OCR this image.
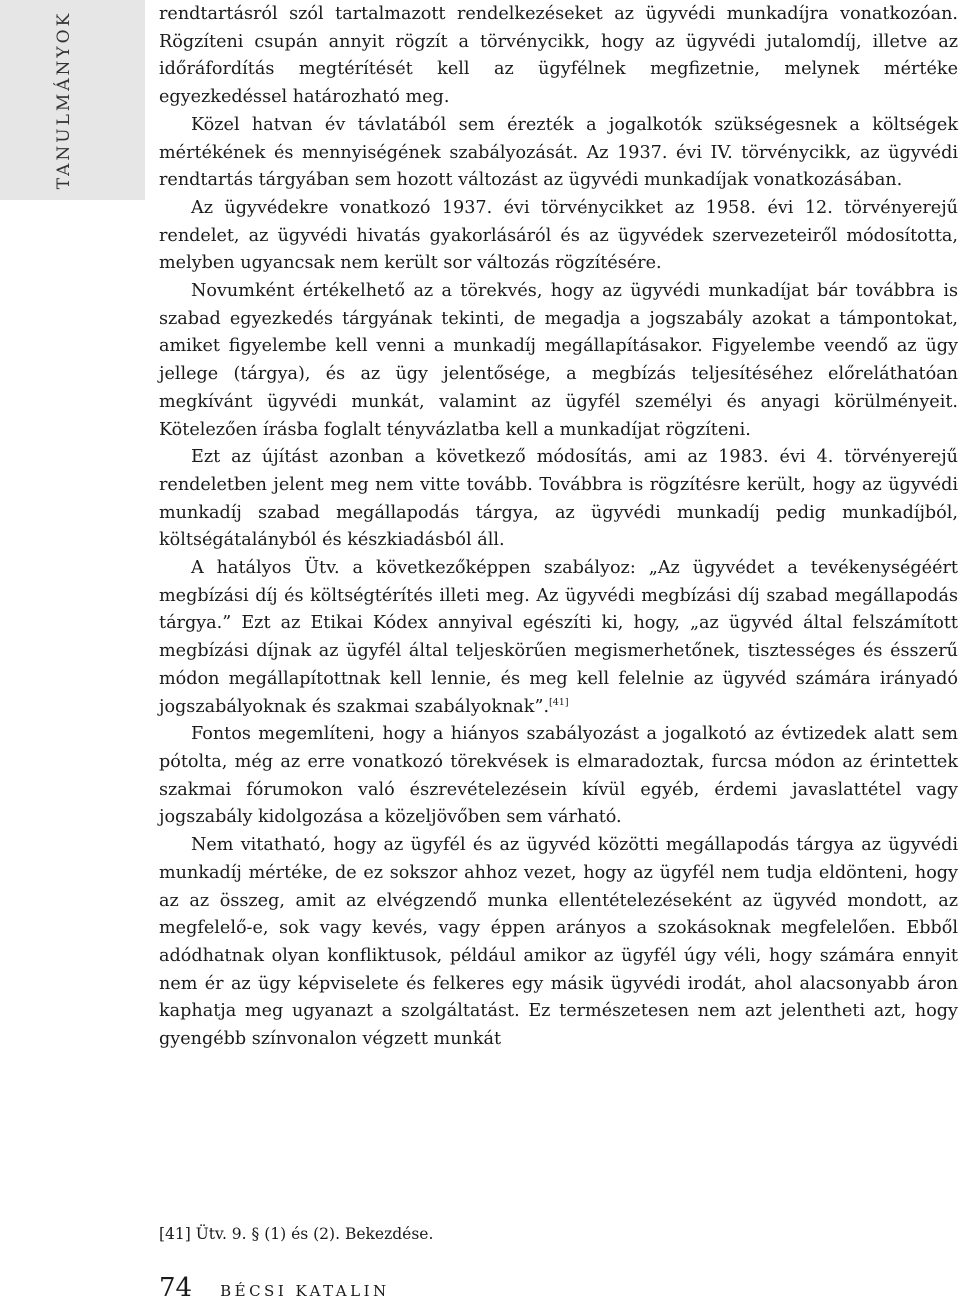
TANULMÁNYOK	rendtartásról szól tartalmazott rendelkezéseket az ügyvédi munkadíjra vonatkozóan. Rögzíteni csupán annyit rögzít a törvénycikk, hogy az ügyvédi jutalomdíj, illetve az időráfordítás megtérítését kell az ügyfélnek megfizetnie, melynek mértéke egyezkedéssel határozható meg.

Közel hatvan év távlatából sem érezték a jogalkotók szükségesnek a költségek mértékének és mennyiségének szabályozását. Az 1937. évi IV. törvénycikk, az ügyvédi rendtartás tárgyában sem hozott változást az ügyvédi munkadíjak vonatkozásában.

Az ügyvédekre vonatkozó 1937. évi törvénycikket az 1958. évi 12. törvényerejű rendelet, az ügyvédi hivatás gyakorlásáról és az ügyvédek szervezeteiről módosította, melyben ugyancsak nem került sor változás rögzítésére.

Novumként értékelhető az a törekvés, hogy az ügyvédi munkadíjat bár továbbra is szabad egyezkedés tárgyának tekinti, de megadja a jogszabály azokat a támpontokat, amiket figyelembe kell venni a munkadíj megállapításakor. Figyelembe veendő az ügy jellege (tárgya), és az ügy jelentősége, a megbízás teljesítéséhez előreláthatóan megkívánt ügyvédi munkát, valamint az ügyfél személyi és anyagi körülményeit. Kötelezően írásba foglalt tényvázlatba kell a munkadíjat rögzíteni.

Ezt az újítást azonban a következő módosítás, ami az 1983. évi 4. törvényerejű rendeletben jelent meg nem vitte tovább. Továbbra is rögzítésre került, hogy az ügyvédi munkadíj szabad megállapodás tárgya, az ügyvédi munkadíj pedig munkadíjból, költségátalányból és készkiadásból áll.

A hatályos Ütv. a következőképpen szabályoz: „Az ügyvédet a tevékenységéért megbízási díj és költségtérítés illeti meg. Az ügyvédi megbízási díj szabad megállapodás tárgya.” Ezt az Etikai Kódex annyival egészíti ki, hogy, „az ügyvéd által felszámított megbízási díjnak az ügyfél által teljeskörűen megismerhetőnek, tisztességes és ésszerű módon megállapítottnak kell lennie, és meg kell felelnie az ügyvéd számára irányadó jogszabályoknak és szakmai szabályoknak”.[41]

Fontos megemlíteni, hogy a hiányos szabályozást a jogalkotó az évtizedek alatt sem pótolta, még az erre vonatkozó törekvések is elmaradoztak, furcsa módon az érintettek szakmai fórumokon való észrevételezésein kívül egyéb, érdemi javaslattétel vagy jogszabály kidolgozása a közeljövőben sem várható.

Nem vitatható, hogy az ügyfél és az ügyvéd közötti megállapodás tárgya az ügyvédi munkadíj mértéke, de ez sokszor ahhoz vezet, hogy az ügyfél nem tudja eldönteni, hogy az az összeg, amit az elvégzendő munka ellentételezéseként az ügyvéd mondott, az megfelelő-e, sok vagy kevés, vagy éppen arányos a szokásoknak megfelelően. Ebből adódhatnak olyan konfliktusok, például amikor az ügyfél úgy véli, hogy számára ennyit nem ér az ügy képviselete és felkeres egy másik ügyvédi irodát, ahol alacsonyabb áron kaphatja meg ugyanazt a szolgáltatást. Ez természetesen nem azt jelentheti azt, hogy gyengébb színvonalon végzett munkát

[41] Ütv. 9. § (1) és (2). Bekezdése.
74 BÉCSI KATALIN
